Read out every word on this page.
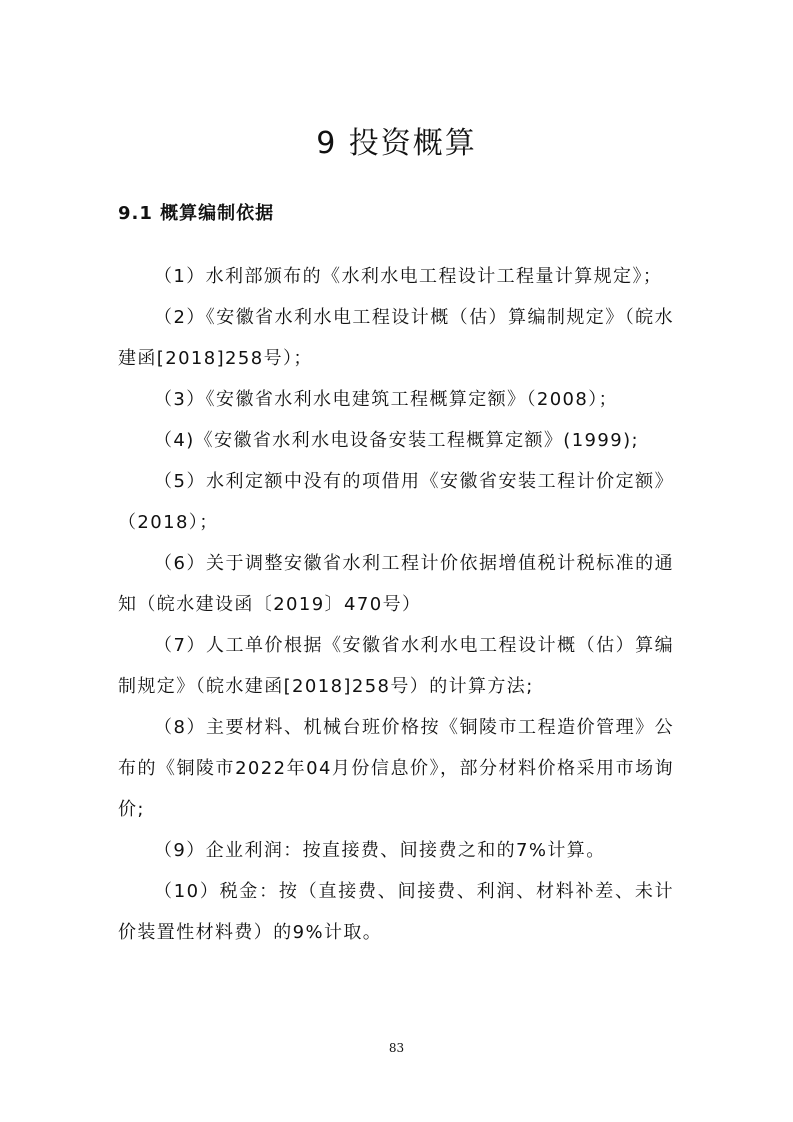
9 投资概算
9.1 概算编制依据

（1）水利部颁布的《水利水电工程设计工程量计算规定》；

（2）《安徽省水利水电工程设计概（估）算编制规定》（皖水建函[2018]258号）；

（3）《安徽省水利水电建筑工程概算定额》（2008）；

（4)《安徽省水利水电设备安装工程概算定额》(1999);

（5）水利定额中没有的项借用《安徽省安装工程计价定额》（2018）；

（6）关于调整安徽省水利工程计价依据增值税计税标准的通知（皖水建设函〔2019〕470号）

（7）人工单价根据《安徽省水利水电工程设计概（估）算编制规定》（皖水建函[2018]258号）的计算方法;

（8）主要材料、机械台班价格按《铜陵市工程造价管理》公布的《铜陵市2022年04月份信息价》，部分材料价格采用市场询价;

（9）企业利润：按直接费、间接费之和的7%计算。

（10）税金：按（直接费、间接费、利润、材料补差、未计价装置性材料费）的9%计取。

83
